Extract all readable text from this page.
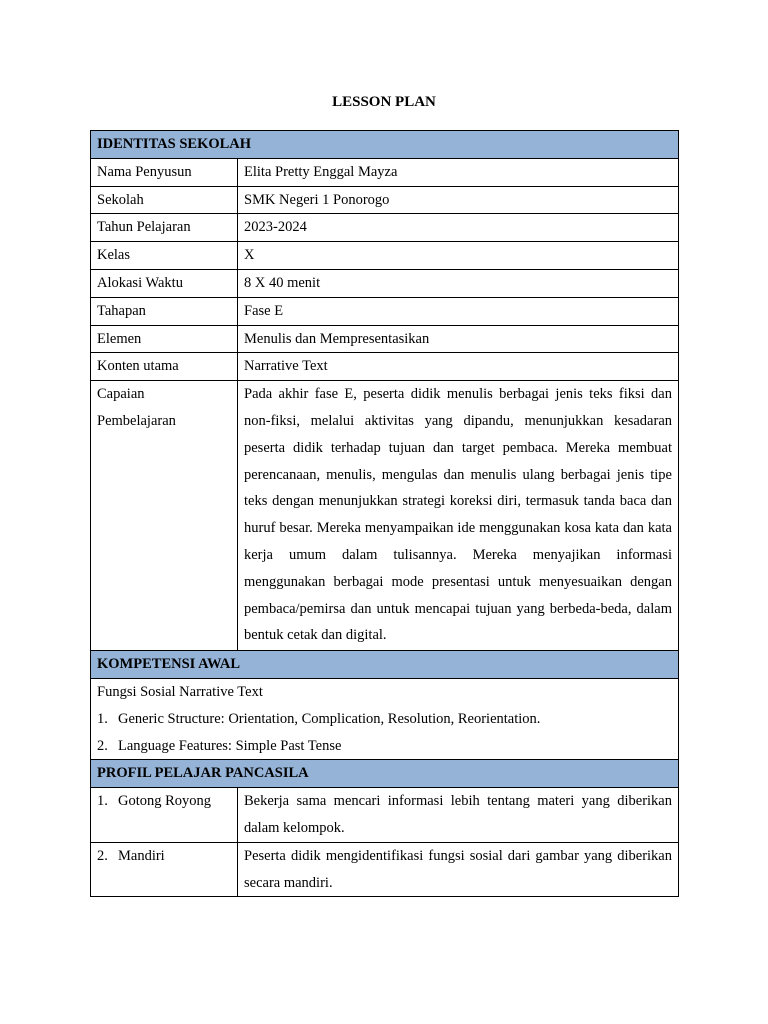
LESSON PLAN
IDENTITAS SEKOLAH	
Nama Penyusun	Elita Pretty Enggal Mayza
Sekolah	SMK Negeri 1 Ponorogo
Tahun Pelajaran	2023-2024
Kelas	X
Alokasi Waktu	8 X 40 menit
Tahapan	Fase E
Elemen	Menulis dan Mempresentasikan
Konten utama	Narrative Text

Capaian
Pembelajaran	Pada akhir fase E, peserta didik menulis berbagai jenis teks fiksi dan non-fiksi, melalui aktivitas yang dipandu, menunjukkan kesadaran peserta didik terhadap tujuan dan target pembaca. Mereka membuat perencanaan, menulis, mengulas dan menulis ulang berbagai jenis tipe teks dengan menunjukkan strategi koreksi diri, termasuk tanda baca dan huruf besar. Mereka menyampaikan ide menggunakan kosa kata dan kata kerja umum dalam tulisannya. Mereka menyajikan informasi menggunakan berbagai mode presentasi untuk menyesuaikan dengan pembaca/pemirsa dan untuk mencapai tujuan yang berbeda-beda, dalam bentuk cetak dan digital.
KOMPETENSI AWAL	

Fungsi Sosial Narrative Text
1. Generic Structure: Orientation, Complication, Resolution, Reorientation.
2. Language Features: Simple Past Tense	

PROFIL PELAJAR PANCASILA	
1. Gotong Royong	Bekerja sama mencari informasi lebih tentang materi yang diberikan dalam kelompok.
2. Mandiri	Peserta didik mengidentifikasi fungsi sosial dari gambar yang diberikan secara mandiri.
